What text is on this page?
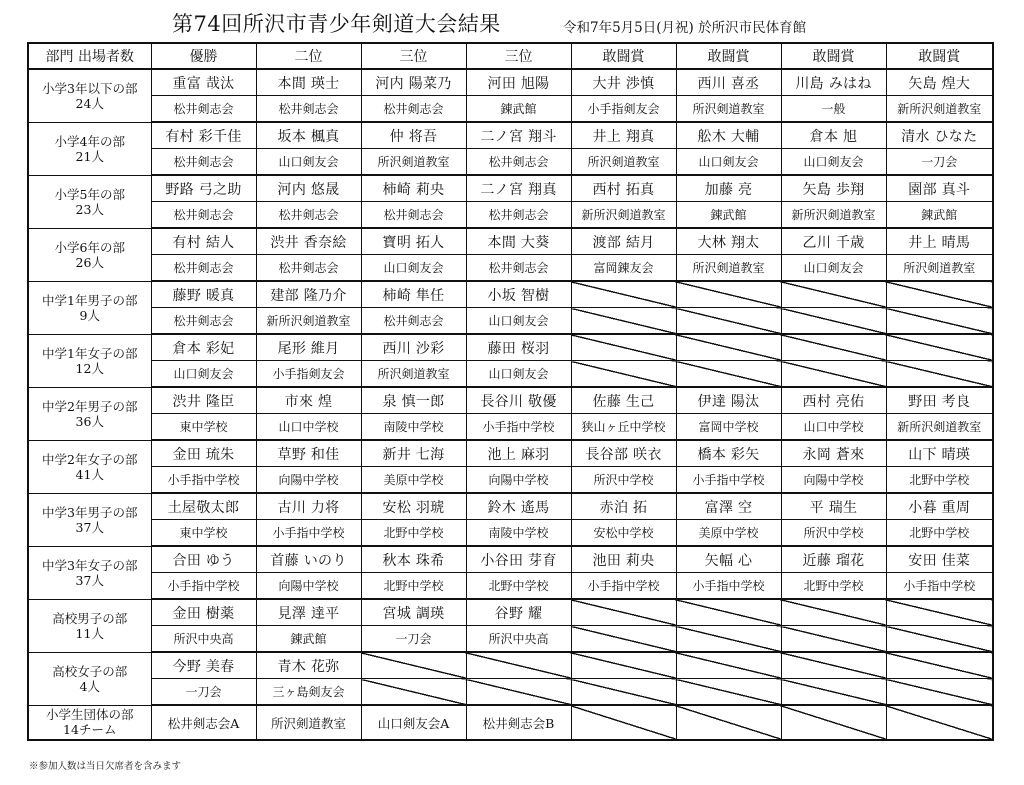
第74回所沢市青少年剣道大会結果	令和7年5月5日(月祝) 於所沢市民体育館
部門 出場者数	優勝	二位	三位	三位	敢闘賞	敢闘賞	敢闘賞	敢闘賞

小学3年以下の部
24人	重富 哉汰	本間 瑛士	河内 陽菜乃	河田 旭陽	大井 渉慎	西川 喜丞	川島 みはね	矢島 煌大
	松井剣志会	松井剣志会	松井剣志会	錬武館	小手指剣友会	所沢剣道教室	一般	新所沢剣道教室

小学4年の部
21人	有村 彩千佳	坂本 楓真	仲 将吾	二ノ宮 翔斗	井上 翔真	舩木 大輔	倉本 旭	清水 ひなた
	松井剣志会	山口剣友会	所沢剣道教室	松井剣志会	所沢剣道教室	山口剣友会	山口剣友会	一刀会

小学5年の部
23人	野路 弓之助	河内 悠晟	柿崎 莉央	二ノ宮 翔真	西村 拓真	加藤 亮	矢島 歩翔	園部 真斗
	松井剣志会	松井剣志会	松井剣志会	松井剣志会	新所沢剣道教室	錬武館	新所沢剣道教室	錬武館

小学6年の部
26人	有村 結人	渋井 香奈絵	寶明 拓人	本間 大葵	渡部 結月	大林 翔太	乙川 千歳	井上 晴馬
	松井剣志会	松井剣志会	山口剣友会	松井剣志会	富岡錬友会	所沢剣道教室	山口剣友会	所沢剣道教室

中学1年男子の部
9人	藤野 暖真	建部 隆乃介	柿崎 隼任	小坂 智樹				
	松井剣志会	新所沢剣道教室	松井剣志会	山口剣友会				

中学1年女子の部
12人	倉本 彩妃	尾形 維月	西川 沙彩	藤田 桜羽				
	山口剣友会	小手指剣友会	所沢剣道教室	山口剣友会				

中学2年男子の部
36人	渋井 隆臣	市來 煌	泉 慎一郎	長谷川 敬優	佐藤 生己	伊達 陽汰	西村 亮佑	野田 考良
	東中学校	山口中学校	南陵中学校	小手指中学校	狭山ヶ丘中学校	富岡中学校	山口中学校	新所沢剣道教室

中学2年女子の部
41人	金田 琉朱	草野 和佳	新井 七海	池上 麻羽	長谷部 咲衣	橋本 彩矢	永岡 蒼來	山下 晴瑛
	小手指中学校	向陽中学校	美原中学校	向陽中学校	所沢中学校	小手指中学校	向陽中学校	北野中学校

中学3年男子の部
37人	土屋敬太郎	古川 力将	安松 羽琥	鈴木 遙馬	赤泊 拓	富澤 空	平 瑞生	小暮 重周
	東中学校	小手指中学校	北野中学校	南陵中学校	安松中学校	美原中学校	所沢中学校	北野中学校

中学3年女子の部
37人	合田 ゆう	首藤 いのり	秋本 珠希	小谷田 芽育	池田 莉央	矢幅 心	近藤 瑠花	安田 佳菜
	小手指中学校	向陽中学校	北野中学校	北野中学校	小手指中学校	小手指中学校	北野中学校	小手指中学校

高校男子の部
11人	金田 樹薬	見澤 達平	宮城 調瑛	谷野 耀				
	所沢中央高	錬武館	一刀会	所沢中央高				

高校女子の部
4人	今野 美春	青木 花弥						
	一刀会	三ヶ島剣友会						

小学生団体の部
14チーム	松井剣志会A	所沢剣道教室	山口剣友会A	松井剣志会B				
※参加人数は当日欠席者を含みます
